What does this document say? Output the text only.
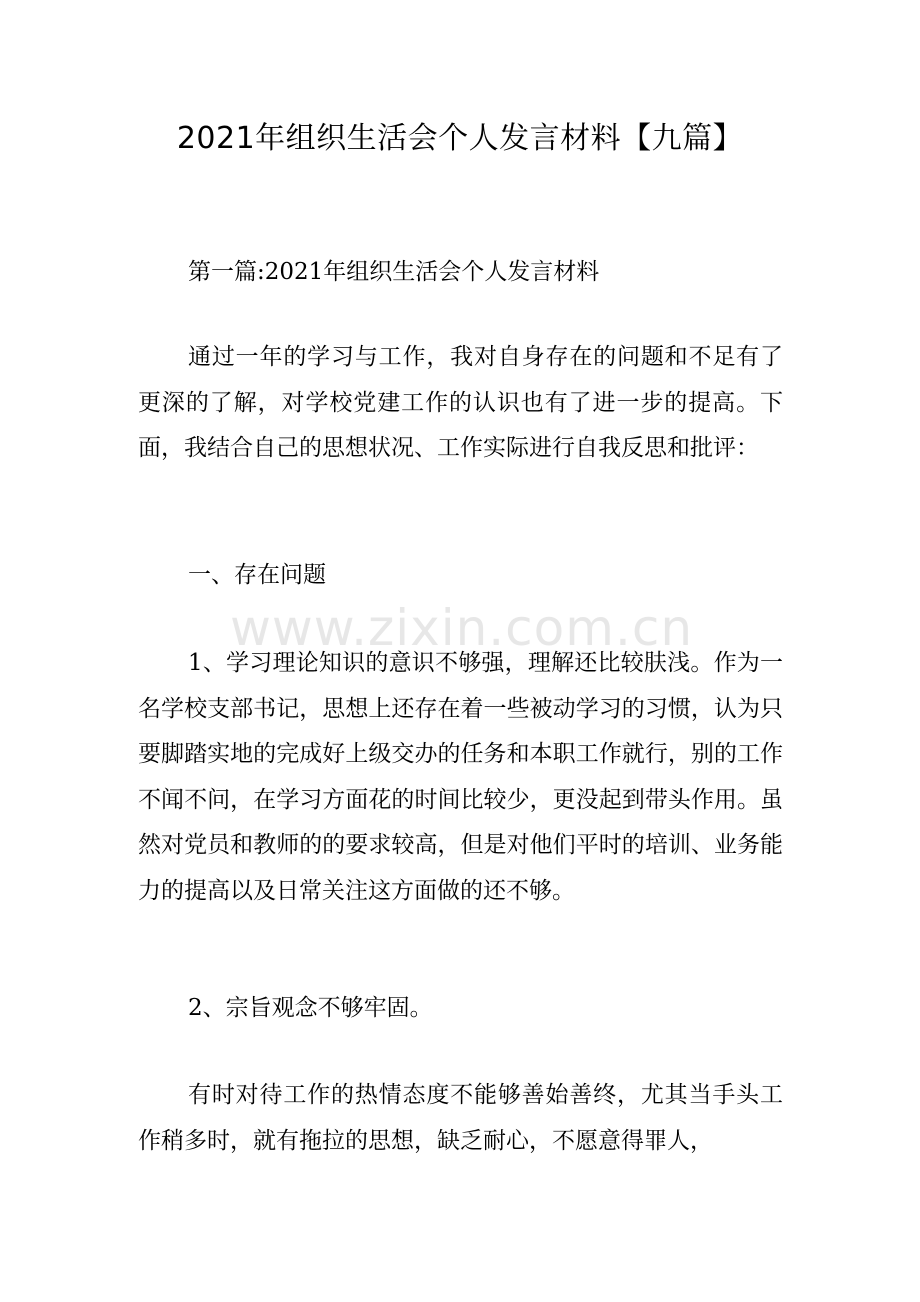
2021年组织生活会个人发言材料【九篇】

第一篇:2021年组织生活会个人发言材料

通过一年的学习与工作，我对自身存在的问题和不足有了更深的了解，对学校党建工作的认识也有了进一步的提高。下面，我结合自己的思想状况、工作实际进行自我反思和批评：

一、存在问题

1、学习理论知识的意识不够强，理解还比较肤浅。作为一名学校支部书记，思想上还存在着一些被动学习的习惯，认为只要脚踏实地的完成好上级交办的任务和本职工作就行，别的工作不闻不问，在学习方面花的时间比较少，更没起到带头作用。虽然对党员和教师的的要求较高，但是对他们平时的培训、业务能力的提高以及日常关注这方面做的还不够。

2、宗旨观念不够牢固。

有时对待工作的热情态度不能够善始善终，尤其当手头工作稍多时，就有拖拉的思想，缺乏耐心，不愿意得罪人，

www.zixin.com.cn
